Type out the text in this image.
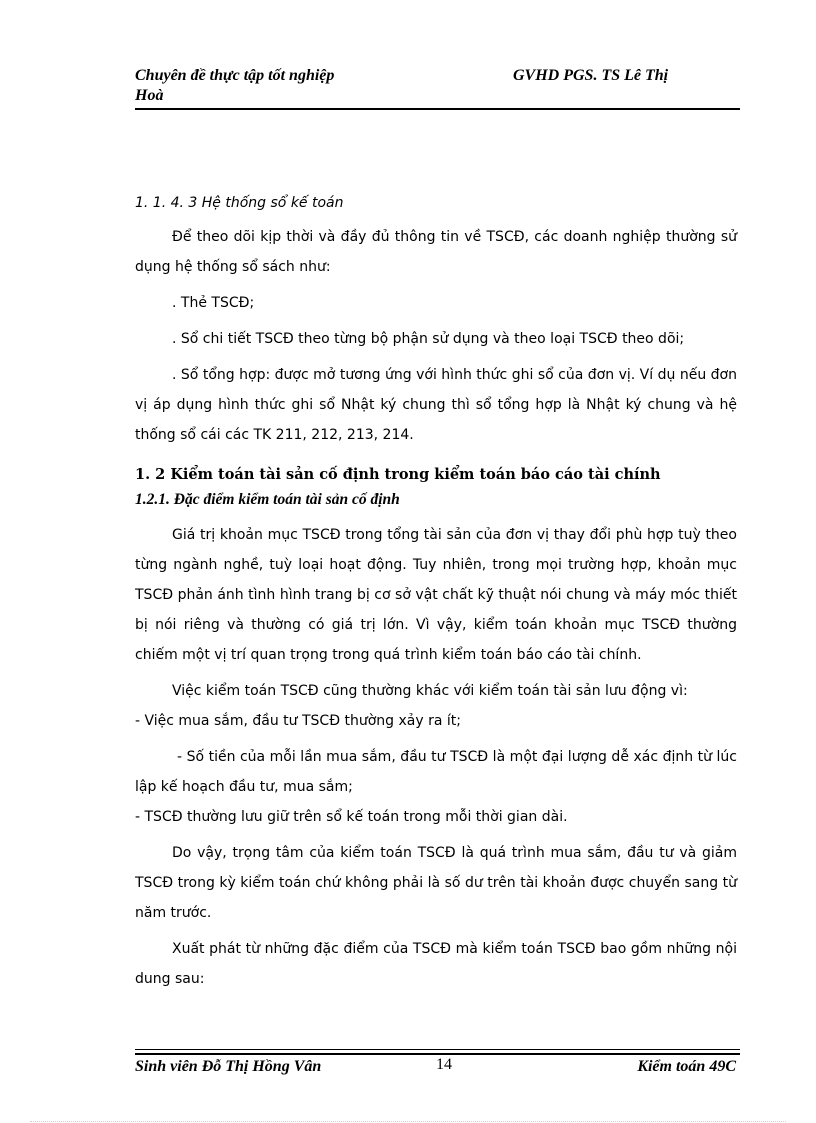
Chuyên đề thực tập tốt nghiệp
Hoà
GVHD PGS. TS Lê Thị
1. 1. 4. 3 Hệ thống sổ kế toán

Để theo dõi kịp thời và đầy đủ thông tin về TSCĐ, các doanh nghiệp thường sử dụng hệ thống sổ sách như:

. Thẻ TSCĐ;

. Sổ chi tiết TSCĐ theo từng bộ phận sử dụng và theo loại TSCĐ theo dõi;

. Sổ tổng hợp: được mở tương ứng với hình thức ghi sổ của đơn vị. Ví dụ nếu đơn vị áp dụng hình thức ghi sổ Nhật ký chung thì sổ tổng hợp là Nhật ký chung và hệ thống sổ cái các TK 211, 212, 213, 214.

1. 2 Kiểm toán tài sản cố định trong kiểm toán báo cáo tài chính
1.2.1. Đặc điểm kiểm toán tài sản cố định

Giá trị khoản mục TSCĐ trong tổng tài sản của đơn vị thay đổi phù hợp tuỳ theo từng ngành nghề, tuỳ loại hoạt động. Tuy nhiên, trong mọi trường hợp, khoản mục TSCĐ phản ánh tình hình trang bị cơ sở vật chất kỹ thuật nói chung và máy móc thiết bị nói riêng và thường có giá trị lớn. Vì vậy, kiểm toán khoản mục TSCĐ thường chiếm một vị trí quan trọng trong quá trình kiểm toán báo cáo tài chính.

Việc kiểm toán TSCĐ cũng thường khác với kiểm toán tài sản lưu động vì:

- Việc mua sắm, đầu tư TSCĐ thường xảy ra ít;

- Số tiền của mỗi lần mua sắm, đầu tư TSCĐ là một đại lượng dễ xác định từ lúc lập kế hoạch đầu tư, mua sắm;

- TSCĐ thường lưu giữ trên sổ kế toán trong mỗi thời gian dài.

Do vậy, trọng tâm của kiểm toán TSCĐ là quá trình mua sắm, đầu tư và giảm TSCĐ trong kỳ kiểm toán chứ không phải là số dư trên tài khoản được chuyển sang từ năm trước.

Xuất phát từ những đặc điểm của TSCĐ mà kiểm toán TSCĐ bao gồm những nội dung sau:

Sinh viên Đỗ Thị Hồng Vân	14	Kiểm toán 49C
